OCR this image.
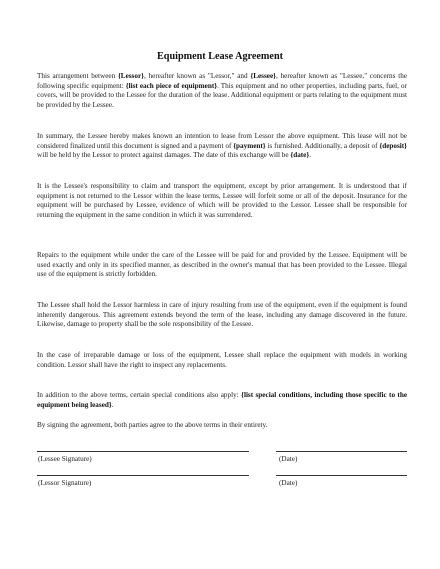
Equipment Lease Agreement

This arrangement between {Lessor}, hereafter known as "Lessor," and {Lessee}, hereafter known as "Lessee," concerns the following specific equipment: {list each piece of equipment}. This equipment and no other properties, including parts, fuel, or covers, will be provided to the Lessee for the duration of the lease. Additional equipment or parts relating to the equipment must be provided by the Lessee.

In summary, the Lessee hereby makes known an intention to lease from Lessor the above equipment. This lease will not be considered finalized until this document is signed and a payment of {payment} is furnished. Additionally, a deposit of {deposit} will be held by the Lessor to protect against damages. The date of this exchange will be {date}.

It is the Lessee's responsibility to claim and transport the equipment, except by prior arrangement. It is understood that if equipment is not returned to the Lessor within the lease terms, Lessee will forfeit some or all of the deposit. Insurance for the equipment will be purchased by Lessee, evidence of which will be provided to the Lessor. Lessee shall be responsible for returning the equipment in the same condition in which it was surrendered.

Repairs to the equipment while under the care of the Lessee will be paid for and provided by the Lessee. Equipment will be used exactly and only in its specified manner, as described in the owner's manual that has been provided to the Lessee. Illegal use of the equipment is strictly forbidden.

The Lessee shall hold the Lessor harmless in care of injury resulting from use of the equipment, even if the equipment is found inherently dangerous. This agreement extends beyond the term of the lease, including any damage discovered in the future. Likewise, damage to property shall be the sole responsibility of the Lessee.

In the case of irreparable damage or loss of the equipment, Lessee shall replace the equipment with models in working condition. Lessor shall have the right to inspect any replacements.

In addition to the above terms, certain special conditions also apply: {list special conditions, including those specific to the equipment being leased}.

By signing the agreement, both parties agree to the above terms in their entirety.

(Lessee Signature)	(Date)
(Lessor Signature)	(Date)
